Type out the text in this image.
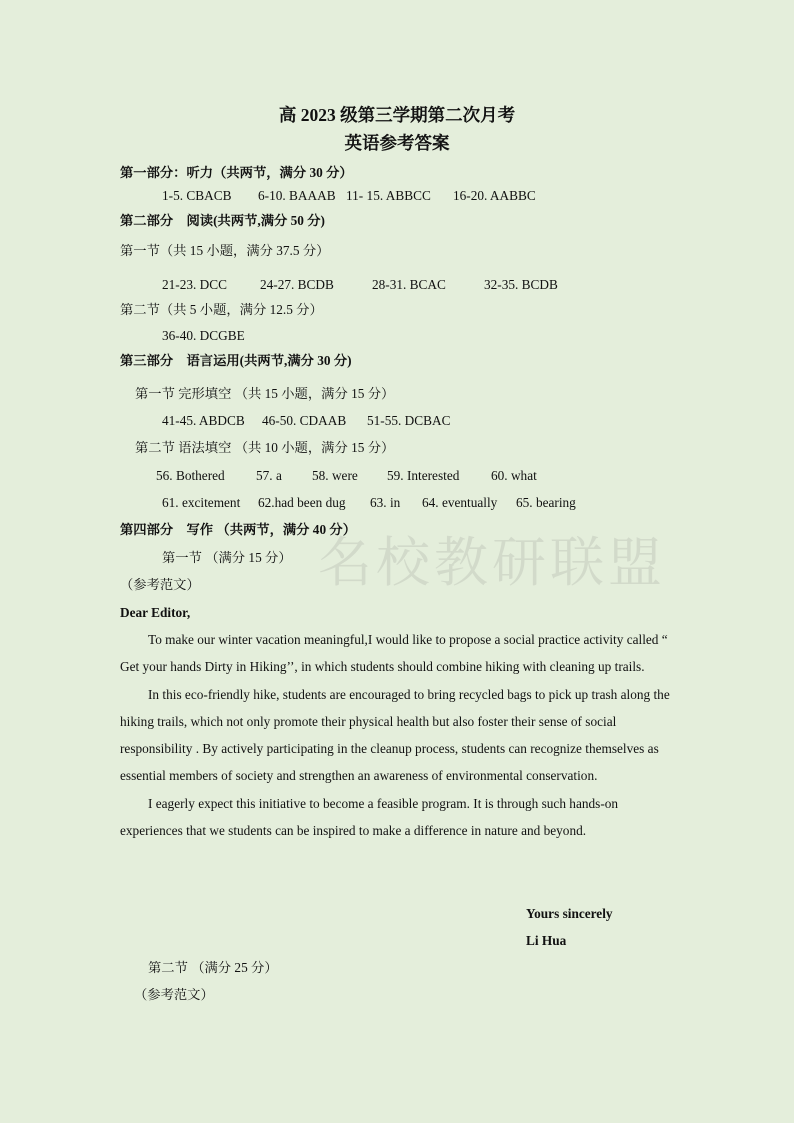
名校教研联盟
高 2023 级第三学期第二次月考
英语参考答案
第一部分：听力（共两节，满分 30 分）
1-5. CBACB 6-10. BAAAB 11- 15. ABBCC 16-20. AABBC
第二部分　阅读(共两节,满分 50 分)
第一节（共 15 小题，满分 37.5 分）
21-23. DCC 24-27. BCDB	28-31. BCAC	32-35. BCDB
第二节（共 5 小题，满分 12.5 分）
36-40. DCGBE
第三部分　语言运用(共两节,满分 30 分)
第一节 完形填空 （共 15 小题，满分 15 分）
41-45. ABDCB 46-50. CDAAB 51-55. DCBAC
第二节 语法填空 （共 10 小题，满分 15 分）
56. Bothered 57. a 58. were 59. Interested 60. what
61. excitement 62.had been dug 63. in 64. eventually 65. bearing
第四部分　写作 （共两节，满分 40 分）
第一节 （满分 15 分）
（参考范文）
Dear Editor,

To make our winter vacation meaningful,I would like to propose a social practice activity called “ Get your hands Dirty in Hiking’’, in which students should combine hiking with cleaning up trails.

In this eco-friendly hike, students are encouraged to bring recycled bags to pick up trash along the hiking trails, which not only promote their physical health but also foster their sense of social responsibility . By actively participating in the cleanup process, students can recognize themselves as essential members of society and strengthen an awareness of environmental conservation.

I eagerly expect this initiative to become a feasible program. It is through such hands-on experiences that we students can be inspired to make a difference in nature and beyond.

Yours sincerely
Li Hua
第二节 （满分 25 分）
（参考范文）
